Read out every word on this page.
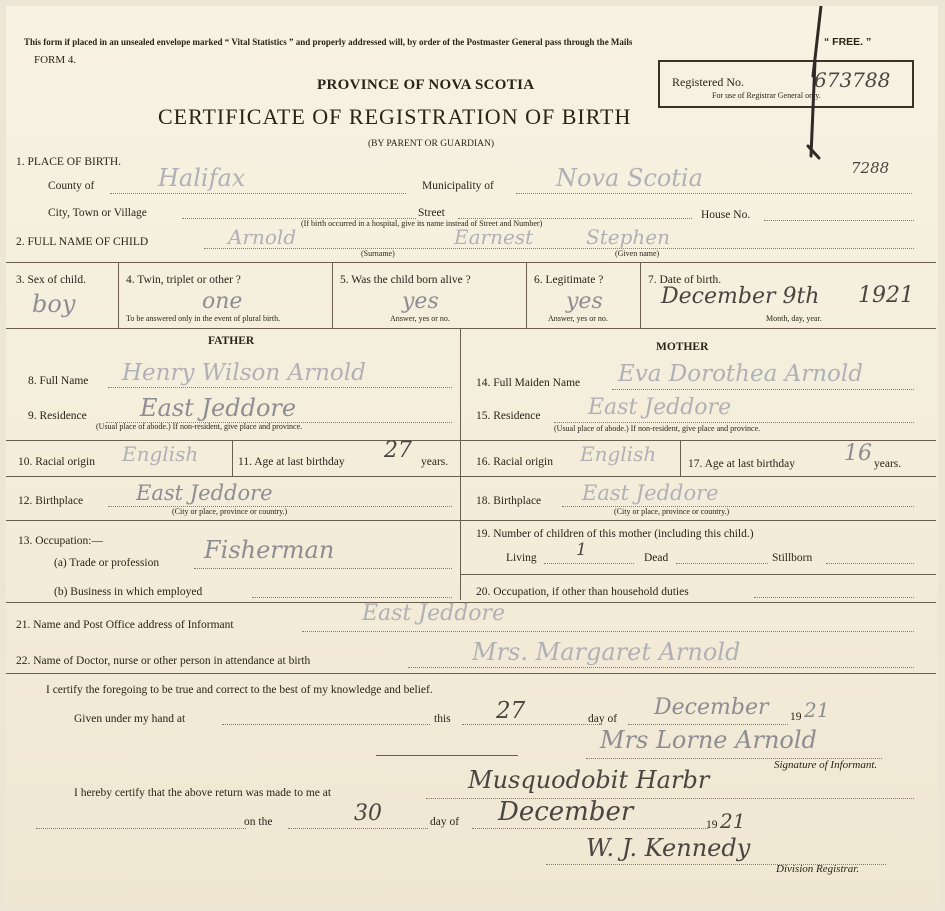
This form if placed in an unsealed envelope marked “ Vital Statistics ” and properly addressed will, by order of the Postmaster General pass through the Mails	“ FREE. ”
FORM 4.
PROVINCE OF NOVA SCOTIA
CERTIFICATE OF REGISTRATION OF BIRTH
(BY PARENT OR GUARDIAN)
Registered No.	673788
For use of Registrar General only.
7288
1. PLACE OF BIRTH.
County of	Halifax	Municipality of	Nova Scotia
City, Town or Village	Street	House No.
(If birth occurred in a hospital, give its name instead of Street and Number)
2. FULL NAME OF CHILD	Arnold	Earnest	Stephen
(Surname)	(Given name)
3. Sex of child.
boy
4. Twin, triplet or other ?
one
To be answered only in the event of plural birth.
5. Was the child born alive ?
yes
Answer, yes or no.
6. Legitimate ?
yes
Answer, yes or no.
7. Date of birth.
December 9th 1921
Month, day, year.
FATHER
8. Full Name Henry Wilson Arnold
9. Residence East Jeddore
(Usual place of abode.) If non-resident, give place and province.
10. Racial origin English	11. Age at last birthday 27 years.
12. Birthplace	East Jeddore
(City or place, province or country.)
13. Occupation:—
(a) Trade or profession Fisherman
(b) Business in which employed
MOTHER
14. Full Maiden Name Eva Dorothea Arnold
15. Residence East Jeddore
(Usual place of abode.) If non-resident, give place and province.
16. Racial origin English	17. Age at last birthday 16 years.
18. Birthplace East Jeddore
(City or place, province or country.)
19. Number of children of this mother (including this child.)
Living 1	Dead	Stillborn
20. Occupation, if other than household duties
21. Name and Post Office address of Informant	East Jeddore
22. Name of Doctor, nurse or other person in attendance at birth	Mrs. Margaret Arnold
I certify the foregoing to be true and correct to the best of my knowledge and belief.
Given under my hand at	this 27	day of December 19 21
Mrs Lorne Arnold
Signature of Informant.
I hereby certify that the above return was made to me at	Musquodobit Harbr
on the	30	day of December	19 21
W. J. Kennedy
Division Registrar.
